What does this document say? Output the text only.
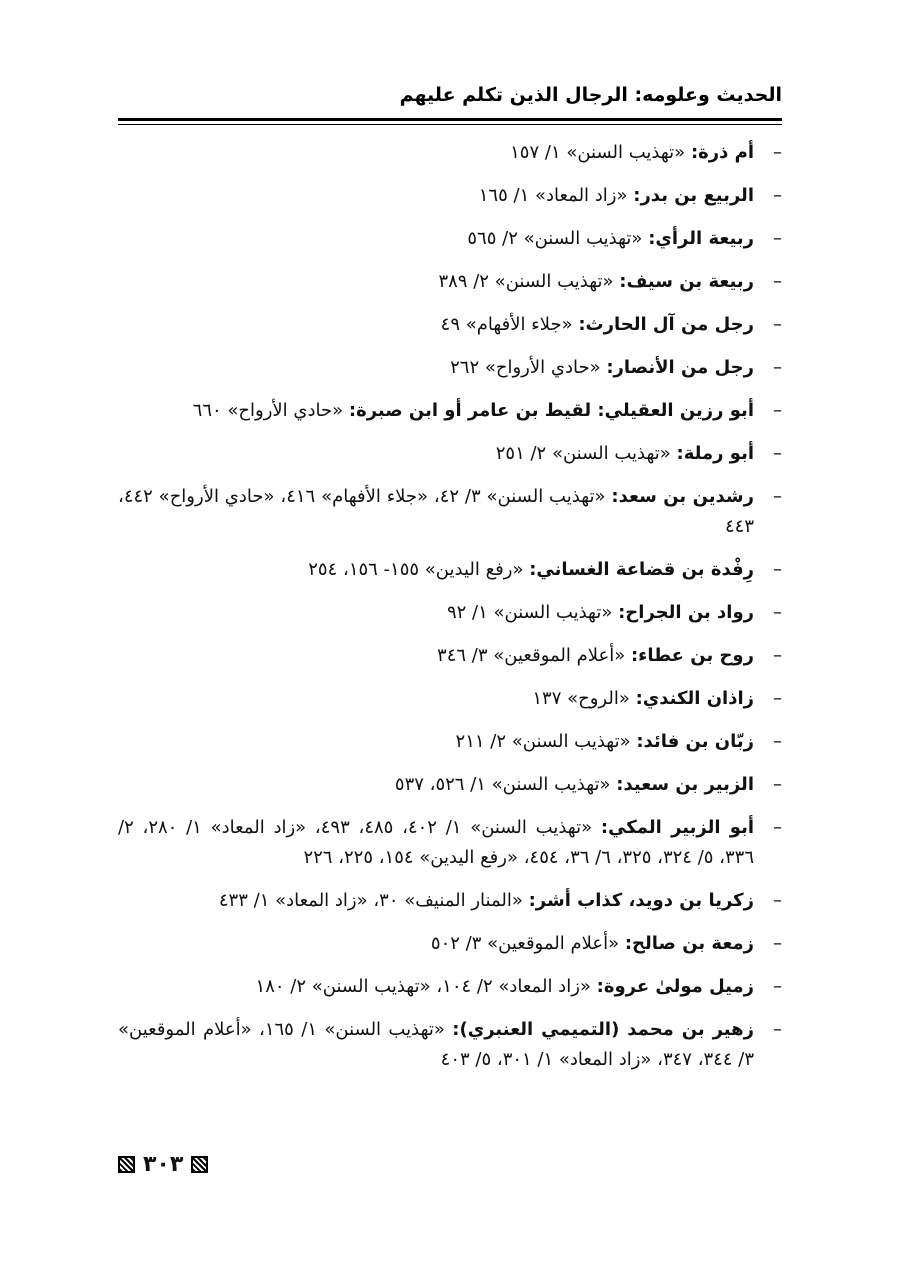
الحديث وعلومه: الرجال الذين تكلم عليهم
–
أم ذرة: «تهذيب السنن» ١/ ١٥٧
–
الربيع بن بدر: «زاد المعاد» ١/ ١٦٥
–
ربيعة الرأي: «تهذيب السنن» ٢/ ٥٦٥
–
ربيعة بن سيف: «تهذيب السنن» ٢/ ٣٨٩
–
رجل من آل الحارث: «جلاء الأفهام» ٤٩
–
رجل من الأنصار: «حادي الأرواح» ٢٦٢
–
أبو رزين العقيلي: لقيط بن عامر أو ابن صبرة: «حادي الأرواح» ٦٦٠
–
أبو رملة: «تهذيب السنن» ٢/ ٢٥١
–
رشدين بن سعد: «تهذيب السنن» ٣/ ٤٢، «جلاء الأفهام» ٤١٦، «حادي الأرواح» ٤٤٢، ٤٤٣
–
رِفْدة بن قضاعة الغساني: «رفع اليدين» ١٥٥- ١٥٦، ٢٥٤
–
رواد بن الجراح: «تهذيب السنن» ١/ ٩٢
–
روح بن عطاء: «أعلام الموقعين» ٣/ ٣٤٦
–
زاذان الكندي: «الروح» ١٣٧
–
زبّان بن فائد: «تهذيب السنن» ٢/ ٢١١
–
الزبير بن سعيد: «تهذيب السنن» ١/ ٥٢٦، ٥٣٧
–
أبو الزبير المكي: «تهذيب السنن» ١/ ٤٠٢، ٤٨٥، ٤٩٣، «زاد المعاد» ١/ ٢٨٠، ٢/ ٣٣٦، ٥/ ٣٢٤، ٣٢٥، ٦/ ٣٦، ٤٥٤، «رفع اليدين» ١٥٤، ٢٢٥، ٢٢٦
–
زكريا بن دويد، كذاب أشر: «المنار المنيف» ٣٠، «زاد المعاد» ١/ ٤٣٣
–
زمعة بن صالح: «أعلام الموقعين» ٣/ ٥٠٢
–
زميل مولىٰ عروة: «زاد المعاد» ٢/ ١٠٤، «تهذيب السنن» ٢/ ١٨٠
–
زهير بن محمد (التميمي العنبري): «تهذيب السنن» ١/ ١٦٥، «أعلام الموقعين» ٣/ ٣٤٤، ٣٤٧، «زاد المعاد» ١/ ٣٠١، ٥/ ٤٠٣
٣٠٣
